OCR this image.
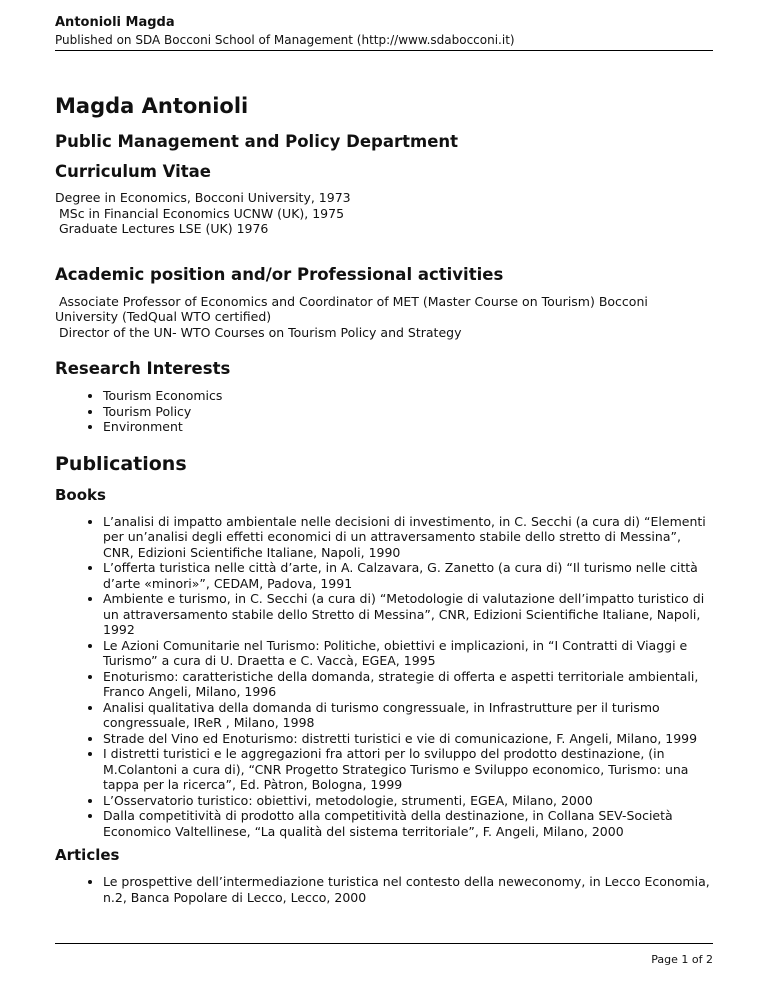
Antonioli Magda
Published on SDA Bocconi School of Management (http://www.sdabocconi.it)
Magda Antonioli
Public Management and Policy Department
Curriculum Vitae
Degree in Economics, Bocconi University, 1973
MSc in Financial Economics UCNW (UK), 1975
Graduate Lectures LSE (UK) 1976
Academic position and/or Professional activities
Associate Professor of Economics and Coordinator of MET (Master Course on Tourism) Bocconi University (TedQual WTO certified)
Director of the UN- WTO Courses on Tourism Policy and Strategy
Research Interests
• Tourism Economics
• Tourism Policy
• Environment
Publications
Books
• L’analisi di impatto ambientale nelle decisioni di investimento, in C. Secchi (a cura di) “Elementi per un’analisi degli effetti economici di un attraversamento stabile dello stretto di Messina”, CNR, Edizioni Scientifiche Italiane, Napoli, 1990
• L’offerta turistica nelle città d’arte, in A. Calzavara, G. Zanetto (a cura di) “Il turismo nelle città d’arte «minori»”, CEDAM, Padova, 1991
• Ambiente e turismo, in C. Secchi (a cura di) “Metodologie di valutazione dell’impatto turistico di un attraversamento stabile dello Stretto di Messina”, CNR, Edizioni Scientifiche Italiane, Napoli, 1992
• Le Azioni Comunitarie nel Turismo: Politiche, obiettivi e implicazioni, in “I Contratti di Viaggi e Turismo” a cura di U. Draetta e C. Vaccà, EGEA, 1995
• Enoturismo: caratteristiche della domanda, strategie di offerta e aspetti territoriale ambientali, Franco Angeli, Milano, 1996
• Analisi qualitativa della domanda di turismo congressuale, in Infrastrutture per il turismo congressuale, IReR , Milano, 1998
• Strade del Vino ed Enoturismo: distretti turistici e vie di comunicazione, F. Angeli, Milano, 1999
• I distretti turistici e le aggregazioni fra attori per lo sviluppo del prodotto destinazione, (in M.Colantoni a cura di), “CNR Progetto Strategico Turismo e Sviluppo economico, Turismo: una tappa per la ricerca”, Ed. Pàtron, Bologna, 1999
• L’Osservatorio turistico: obiettivi, metodologie, strumenti, EGEA, Milano, 2000
• Dalla competitività di prodotto alla competitività della destinazione, in Collana SEV-Società Economico Valtellinese, “La qualità del sistema territoriale”, F. Angeli, Milano, 2000
Articles
• Le prospettive dell’intermediazione turistica nel contesto della neweconomy, in Lecco Economia, n.2, Banca Popolare di Lecco, Lecco, 2000
Page 1 of 2
